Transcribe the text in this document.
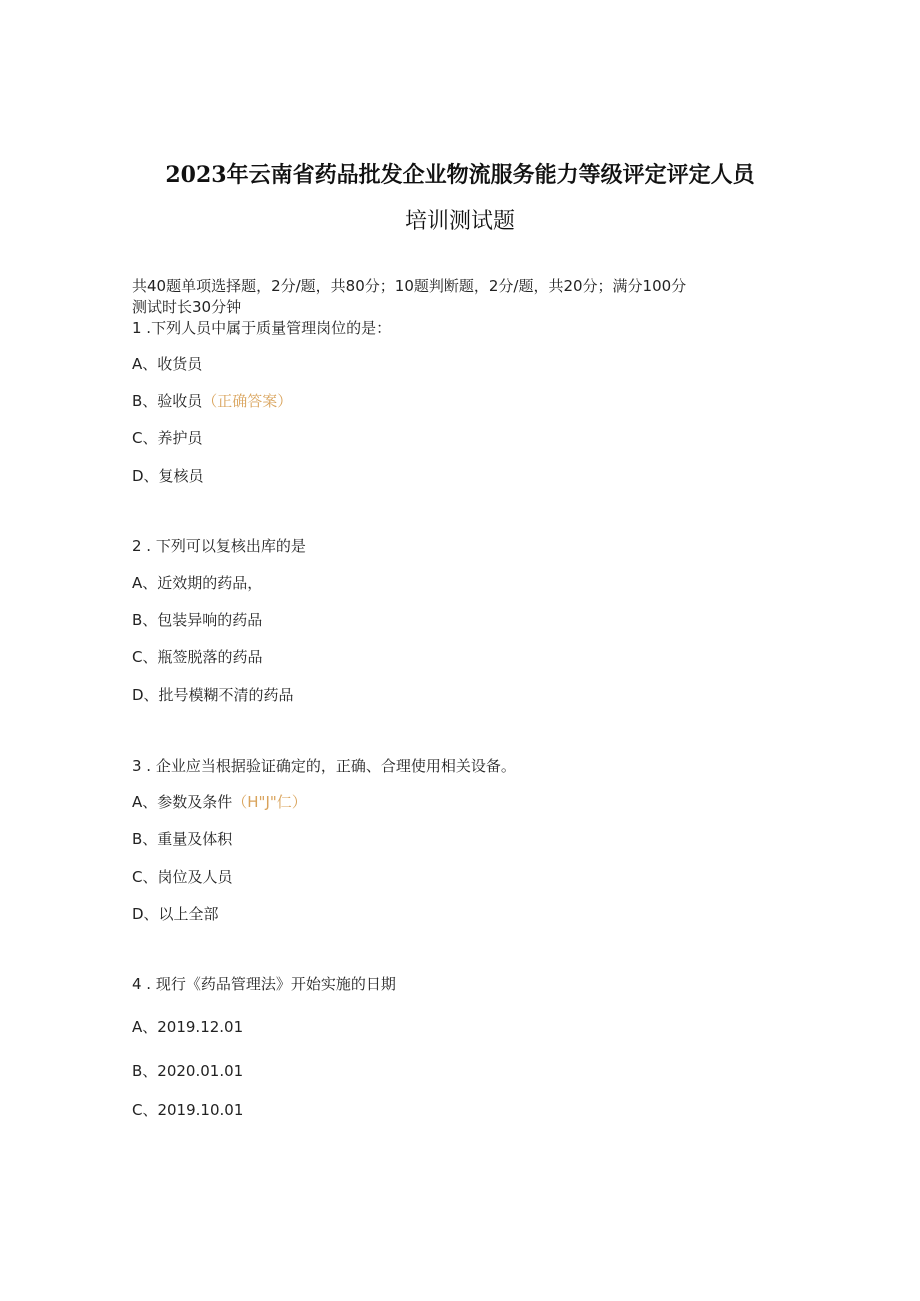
2023年云南省药品批发企业物流服务能力等级评定评定人员
培训测试题
共40题单项选择题，2分/题，共80分；10题判断题，2分/题，共20分；满分100分
测试时长30分钟
1 .下列人员中属于质量管理岗位的是：
A、收货员
B、验收员（正确答案）
C、养护员
D、复核员
2 . 下列可以复核出库的是
A、近效期的药品，
B、包装异响的药品
C、瓶签脱落的药品
D、批号模糊不清的药品
3 . 企业应当根据验证确定的，正确、合理使用相关设备。
A、参数及条件（H"J"仁）
B、重量及体积
C、岗位及人员
D、以上全部
4 . 现行《药品管理法》开始实施的日期
A、2019.12.01
B、2020.01.01
C、2019.10.01
